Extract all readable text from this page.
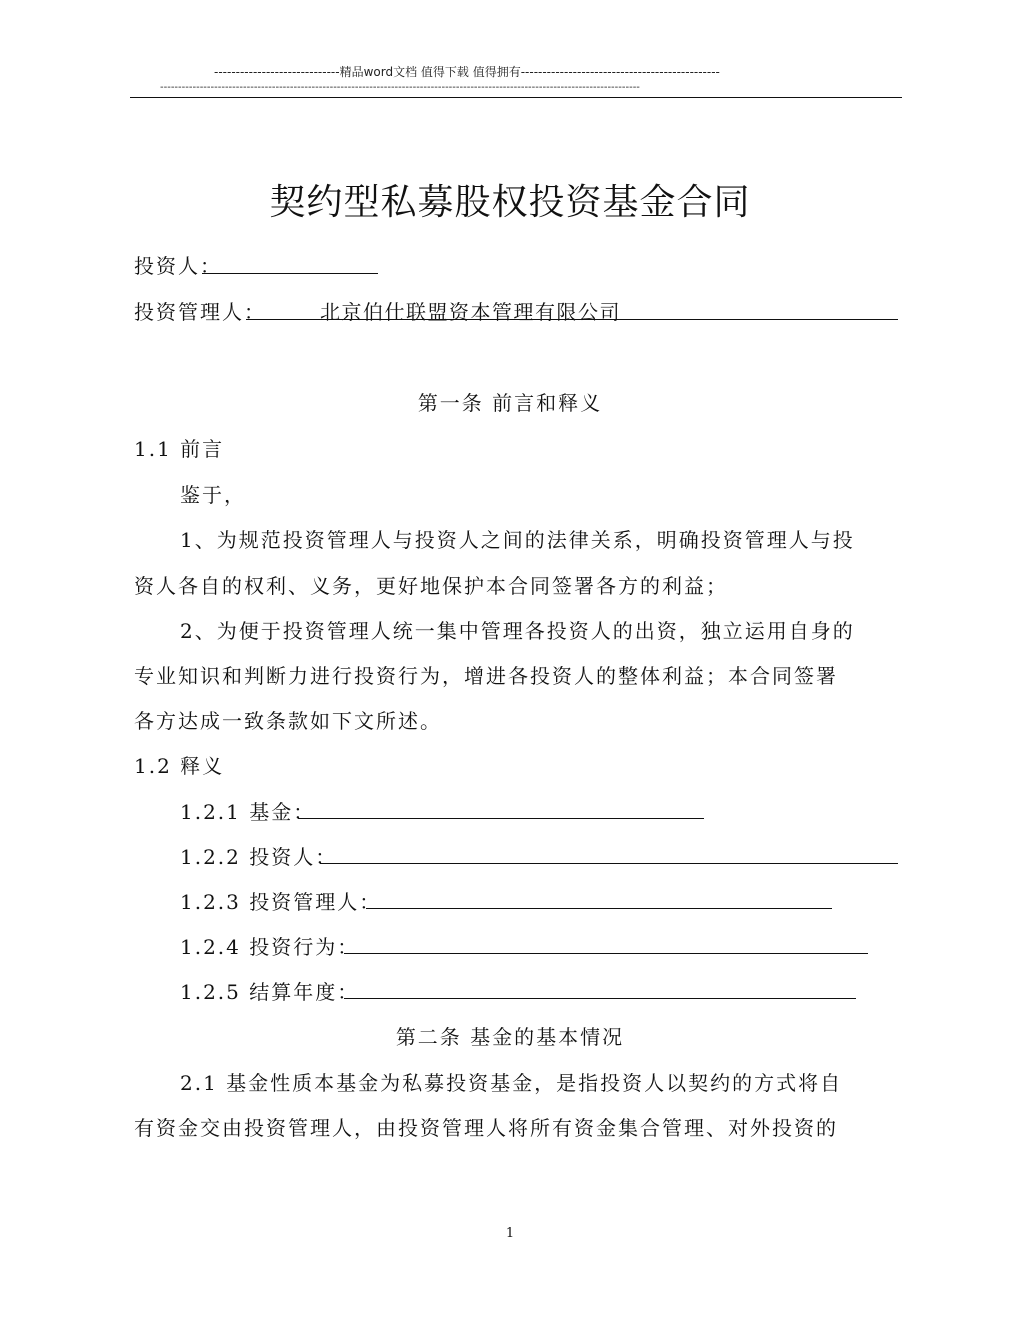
-----------------------------精品word文档 值得下载 值得拥有----------------------------------------------
-------------------------------------------------------------------------------------------------------------------------------------
契约型私募股权投资基金合同
投资人：
投资管理人：	北京伯仕联盟资本管理有限公司
第一条 前言和释义
1.1 前言
鉴于，
1、为规范投资管理人与投资人之间的法律关系，明确投资管理人与投
资人各自的权利、义务，更好地保护本合同签署各方的利益；
2、为便于投资管理人统一集中管理各投资人的出资，独立运用自身的
专业知识和判断力进行投资行为，增进各投资人的整体利益；本合同签署
各方达成一致条款如下文所述。
1.2 释义
1.2.1 基金：
1.2.2 投资人：
1.2.3 投资管理人：
1.2.4 投资行为：
1.2.5 结算年度：
第二条 基金的基本情况
2.1 基金性质本基金为私募投资基金，是指投资人以契约的方式将自
有资金交由投资管理人，由投资管理人将所有资金集合管理、对外投资的
1
